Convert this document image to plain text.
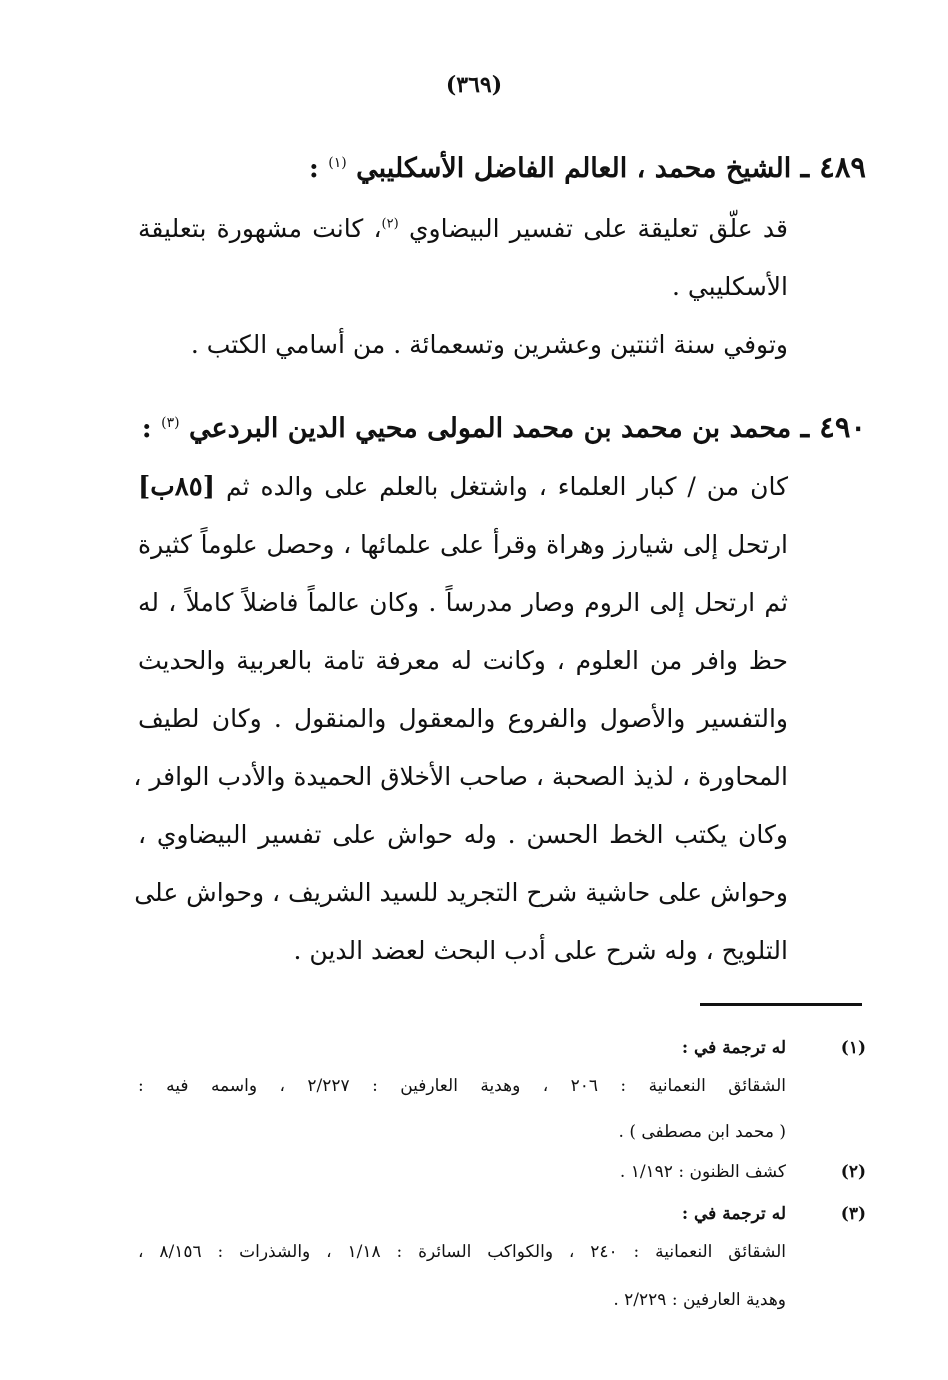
(٣٦٩)
٤٨٩ ـ الشيخ محمد ، العالم الفاضل الأسكليبي $^{(١)}$ :
قد علّق تعليقة على تفسير البيضاوي $^{(٢)}$، كانت مشهورة بتعليقة
الأسكليبي .
وتوفي سنة اثنتين وعشرين وتسعمائة . من أسامي الكتب .
٤٩٠ ـ محمد بن محمد بن محمد المولى محيي الدين البردعي $^{(٣)}$ :
كان من / كبار العلماء ، واشتغل بالعلم على والده ثم [٨٥ب]
ارتحل إلى شيارز وهراة وقرأ على علمائها ، وحصل علوماً كثيرة
ثم ارتحل إلى الروم وصار مدرساً . وكان عالماً فاضلاً كاملاً ، له
حظ وافر من العلوم ، وكانت له معرفة تامة بالعربية والحديث
والتفسير والأصول والفروع والمعقول والمنقول . وكان لطيف
المحاورة ، لذيذ الصحبة ، صاحب الأخلاق الحميدة والأدب الوافر ،
وكان يكتب الخط الحسن . وله حواش على تفسير البيضاوي ،
وحواش على حاشية شرح التجريد للسيد الشريف ، وحواش على
التلويح ، وله شرح على أدب البحث لعضد الدين .
(١)
له ترجمة في :
الشقائق النعمانية : ٢٠٦ ، وهدية العارفين : ٢/٢٢٧ ، واسمه فيه :
( محمد ابن مصطفى ) .
(٢)
كشف الظنون : ١/١٩٢ .
(٣)
له ترجمة في :
الشقائق النعمانية : ٢٤٠ ، والكواكب السائرة : ١/١٨ ، والشذرات : ٨/١٥٦ ،
وهدية العارفين : ٢/٢٢٩ .
